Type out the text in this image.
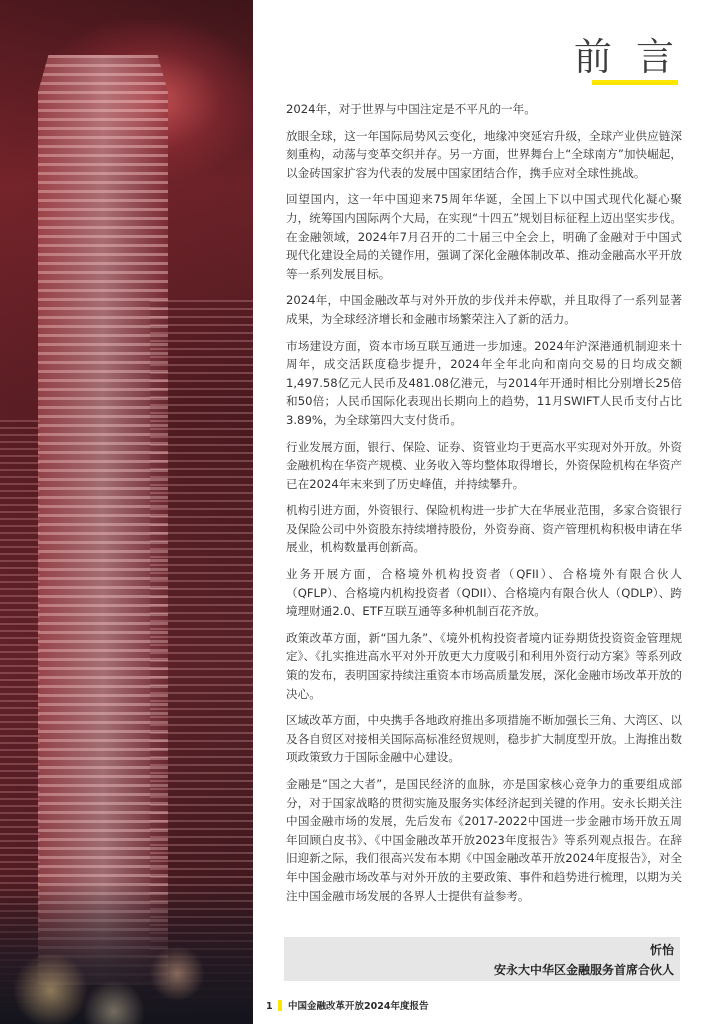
前 言

2024年，对于世界与中国注定是不平凡的一年。

放眼全球，这一年国际局势风云变化，地缘冲突延宕升级，全球产业供应链深刻重构，动荡与变革交织并存。另一方面，世界舞台上“全球南方”加快崛起，以金砖国家扩容为代表的发展中国家团结合作，携手应对全球性挑战。

回望国内，这一年中国迎来75周年华诞，全国上下以中国式现代化凝心聚力，统筹国内国际两个大局，在实现“十四五”规划目标征程上迈出坚实步伐。在金融领域，2024年7月召开的二十届三中全会上，明确了金融对于中国式现代化建设全局的关键作用，强调了深化金融体制改革、推动金融高水平开放等一系列发展目标。

2024年，中国金融改革与对外开放的步伐并未停歇，并且取得了一系列显著成果，为全球经济增长和金融市场繁荣注入了新的活力。

市场建设方面，资本市场互联互通进一步加速。2024年沪深港通机制迎来十周年，成交活跃度稳步提升，2024年全年北向和南向交易的日均成交额1,497.58亿元人民币及481.08亿港元，与2014年开通时相比分别增长25倍和50倍；人民币国际化表现出长期向上的趋势，11月SWIFT人民币支付占比3.89%，为全球第四大支付货币。

行业发展方面，银行、保险、证券、资管业均于更高水平实现对外开放。外资金融机构在华资产规模、业务收入等均整体取得增长，外资保险机构在华资产已在2024年末来到了历史峰值，并持续攀升。

机构引进方面，外资银行、保险机构进一步扩大在华展业范围，多家合资银行及保险公司中外资股东持续增持股份，外资券商、资产管理机构积极申请在华展业，机构数量再创新高。

业务开展方面，合格境外机构投资者（QFII）、合格境外有限合伙人（QFLP）、合格境内机构投资者（QDII）、合格境内有限合伙人（QDLP）、跨境理财通2.0、ETF互联互通等多种机制百花齐放。

政策改革方面，新“国九条”、《境外机构投资者境内证券期货投资资金管理规定》、《扎实推进高水平对外开放更大力度吸引和利用外资行动方案》等系列政策的发布，表明国家持续注重资本市场高质量发展，深化金融市场改革开放的决心。

区域改革方面，中央携手各地政府推出多项措施不断加强长三角、大湾区、以及各自贸区对接相关国际高标准经贸规则，稳步扩大制度型开放。上海推出数项政策致力于国际金融中心建设。

金融是“国之大者”，是国民经济的血脉，亦是国家核心竞争力的重要组成部分，对于国家战略的贯彻实施及服务实体经济起到关键的作用。安永长期关注中国金融市场的发展，先后发布《2017-2022中国进一步金融市场开放五周年回顾白皮书》、《中国金融改革开放2023年度报告》等系列观点报告。在辞旧迎新之际，我们很高兴发布本期《中国金融改革开放2024年度报告》，对全年中国金融市场改革与对外开放的主要政策、事件和趋势进行梳理，以期为关注中国金融市场发展的各界人士提供有益参考。

忻怡
安永大中华区金融服务首席合伙人
1 中国金融改革开放2024年度报告
